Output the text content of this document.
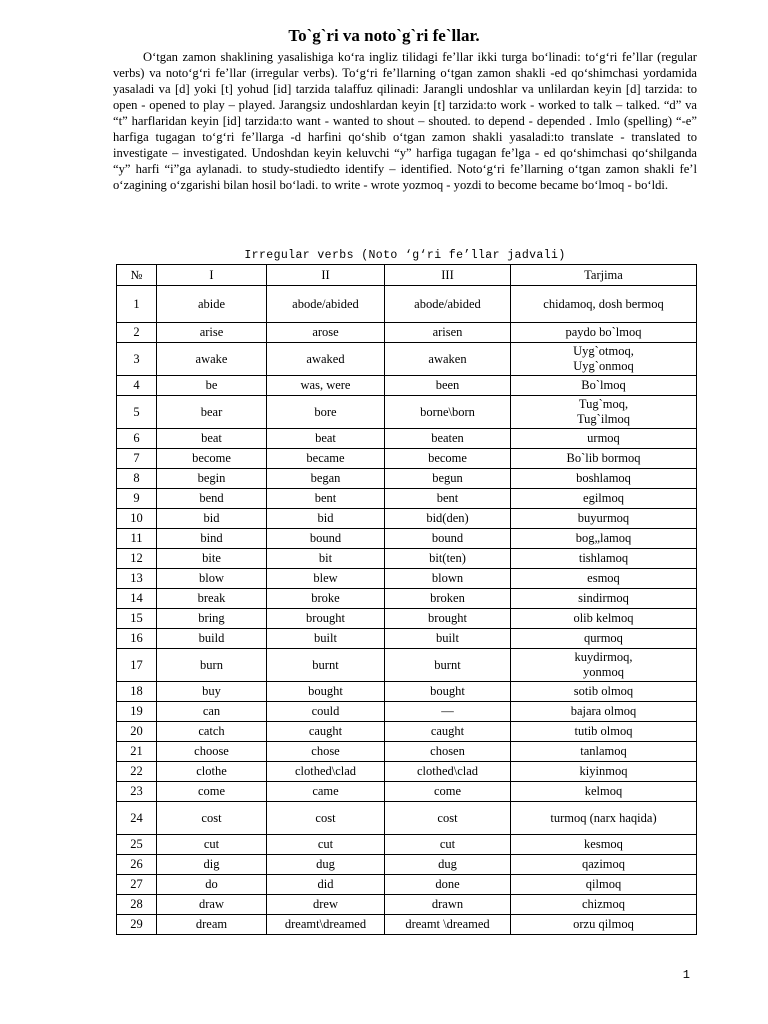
To`g`ri va noto`g`ri fe`llar.

O‘tgan zamon shaklining yasalishiga ko‘ra ingliz tilidagi fe’llar ikki turga bo‘linadi: to‘g‘ri fe’llar (regular verbs) va noto‘g‘ri fe’llar (irregular verbs). To‘g‘ri fe’llarning o‘tgan zamon shakli -ed qo‘shimchasi yordamida yasaladi va [d] yoki [t] yohud [id] tarzida talaffuz qilinadi: Jarangli undoshlar va unlilardan keyin [d] tarzida: to open - opened to play – played. Jarangsiz undoshlardan keyin [t] tarzida:to work - worked to talk – talked. “d” va “t” harflaridan keyin [id] tarzida:to want - wanted to shout – shouted. to depend - depended . Imlo (spelling) “-e” harfiga tugagan to‘g‘ri fe’llarga -d harfini qo‘shib o‘tgan zamon shakli yasaladi:to translate - translated to investigate – investigated. Undoshdan keyin keluvchi “y” harfiga tugagan fe’lga - ed qo‘shimchasi qo‘shilganda “y” harfi “i”ga aylanadi. to study-studiedto identify – identified. Noto‘g‘ri fe’llarning o‘tgan zamon shakli fe’l o‘zagining o‘zgarishi bilan hosil bo‘ladi. to write - wrote yozmoq - yozdi to become became bo‘lmoq - bo‘ldi.

Irregular verbs (Noto ‘g‘ri fe’llar jadvali)
№	I	II	III	Tarjima
1	abide	abode/abided	abode/abided	chidamoq, dosh bermoq

2	arise	arose	arisen	paydo bo`lmoq

3	awake	awaked	awaken	Uyg`otmoq,
Uyg`onmoq

4	be	was, were	been	Bo`lmoq

5	bear	bore	borne\born	Tug`moq,
Tug`ilmoq

6	beat	beat	beaten	urmoq

7	become	became	become	Bo`lib bormoq

8	begin	began	begun	boshlamoq

9	bend	bent	bent	egilmoq

10	bid	bid	bid(den)	buyurmoq

11	bind	bound	bound	bog„lamoq

12	bite	bit	bit(ten)	tishlamoq

13	blow	blew	blown	esmoq

14	break	broke	broken	sindirmoq

15	bring	brought	brought	olib kelmoq

16	build	built	built	qurmoq

17	burn	burnt	burnt	kuydirmoq,
yonmoq

18	buy	bought	bought	sotib olmoq

19	can	could	—	bajara olmoq

20	catch	caught	caught	tutib olmoq

21	choose	chose	chosen	tanlamoq

22	clothe	clothed\clad	clothed\clad	kiyinmoq

23	come	came	come	kelmoq

24	cost	cost	cost	turmoq (narx haqida)

25	cut	cut	cut	kesmoq

26	dig	dug	dug	qazimoq

27	do	did	done	qilmoq

28	draw	drew	drawn	chizmoq

29	dream	dreamt\dreamed	dreamt \dreamed	orzu qilmoq
1
